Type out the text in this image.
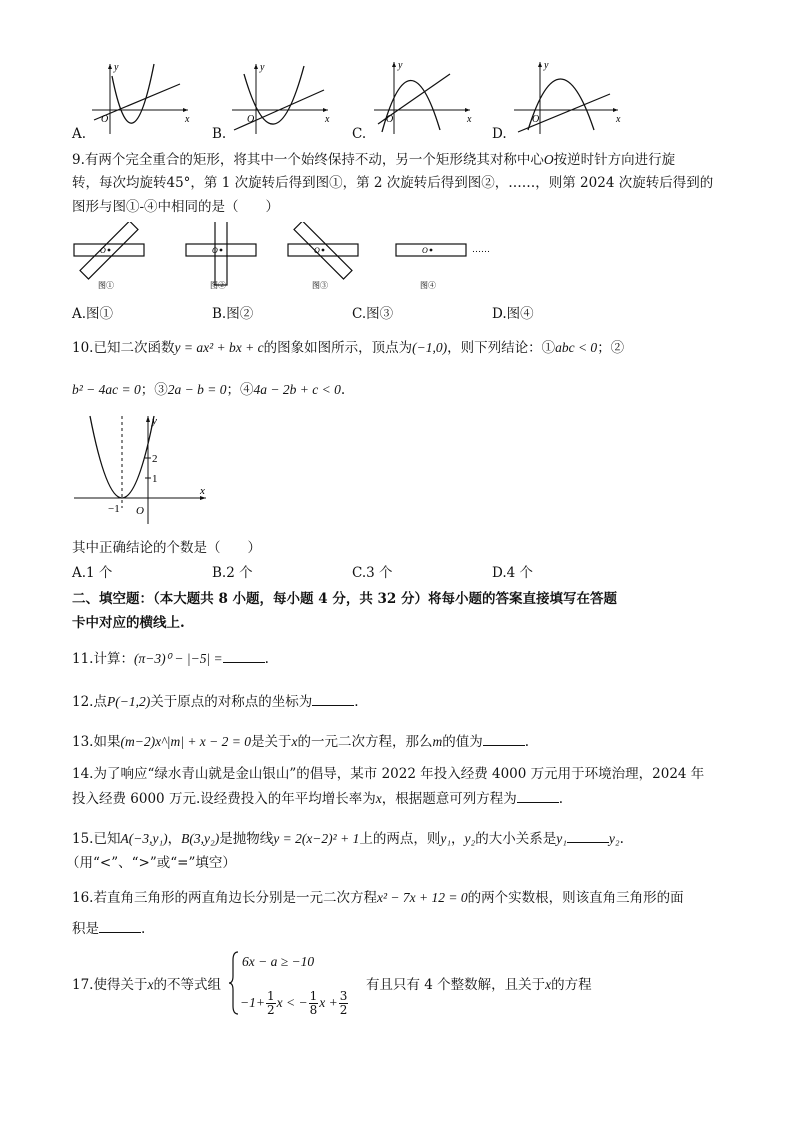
y
x
O
y
x
O
y
x
O
y
x
O
A.	B.	C.	D.
9.有两个完全重合的矩形，将其中一个始终保持不动，另一个矩形绕其对称中心O按逆时针方向进行旋
转，每次均旋转45°，第 1 次旋转后得到图①，第 2 次旋转后得到图②，……，则第 2024 次旋转后得到的
图形与图①-④中相同的是（　　）
O
图①
O
图②
O
图③
O
图④
……
A.图①	B.图②	C.图③	D.图④
10.已知二次函数y = ax² + bx + c的图象如图所示，顶点为(−1,0)，则下列结论：①abc < 0；②
b² − 4ac = 0；③2a − b = 0；④4a − 2b + c < 0.
y
x
O
2
1
−1
其中正确结论的个数是（　　）
A.1 个	B.2 个	C.3 个	D.4 个
二、填空题：（本大题共 8 小题，每小题 4 分，共 32 分）将每小题的答案直接填写在答题
卡中对应的横线上.
11.计算：(π−3)⁰ − |−5| =	.
12.点P(−1,2)关于原点的对称点的坐标为	.
13.如果(m−2)x^|m| + x − 2 = 0是关于x的一元二次方程，那么m的值为	.
14.为了响应“绿水青山就是金山银山”的倡导，某市 2022 年投入经费 4000 万元用于环境治理，2024 年
投入经费 6000 万元.设经费投入的年平均增长率为x，根据题意可列方程为	.
15.已知A(−3,y₁)，B(3,y₂)是抛物线y = 2(x−2)² + 1上的两点，则y₁，y₂的大小关系是y₁	y₂.
（用“<”、“>”或“=”填空）
16.若直角三角形的两直角边长分别是一元二次方程x² − 7x + 12 = 0的两个实数根，则该直角三角形的面
积是	.
17.使得关于x的不等式组
6x − a ≥ −10
$-1+ \frac{1}{2}$ x < − $\frac{1}{8}$ $x + \frac{3}{2}$
有且只有 4 个整数解，且关于x的方程
